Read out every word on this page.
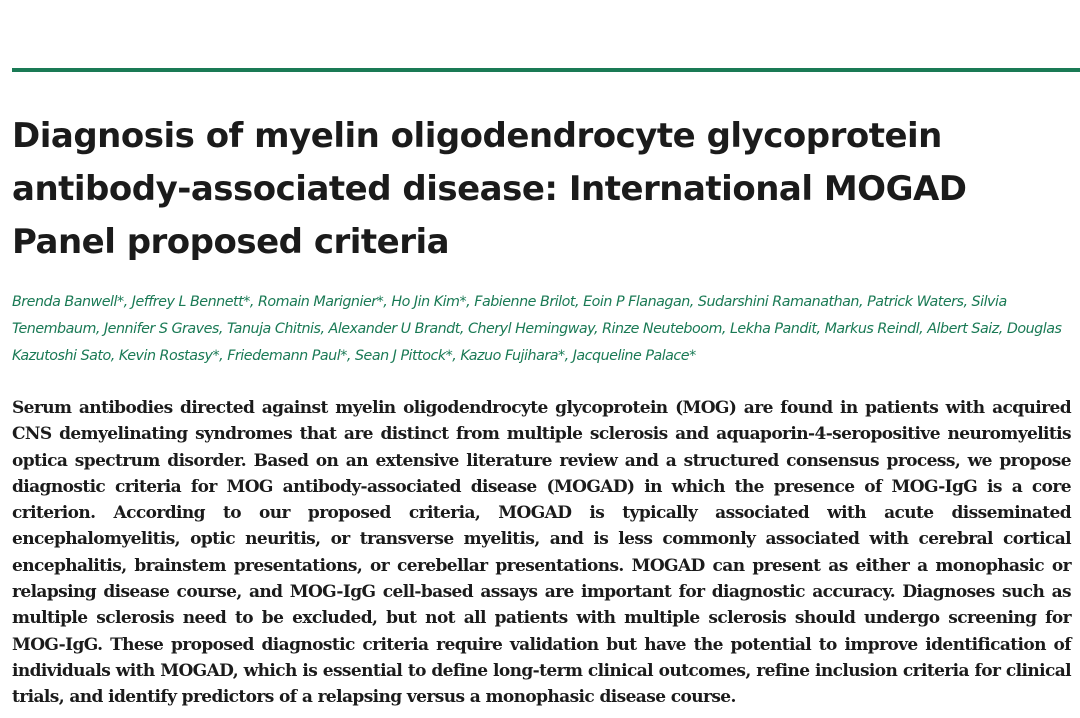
Diagnosis of myelin oligodendrocyte glycoprotein antibody-associated disease: International MOGAD Panel proposed criteria

Brenda Banwell*, Jeffrey L Bennett*, Romain Marignier*, Ho Jin Kim*, Fabienne Brilot, Eoin P Flanagan, Sudarshini Ramanathan, Patrick Waters, Silvia Tenembaum, Jennifer S Graves, Tanuja Chitnis, Alexander U Brandt, Cheryl Hemingway, Rinze Neuteboom, Lekha Pandit, Markus Reindl, Albert Saiz, Douglas Kazutoshi Sato, Kevin Rostasy*, Friedemann Paul*, Sean J Pittock*, Kazuo Fujihara*, Jacqueline Palace*

Serum antibodies directed against myelin oligodendrocyte glycoprotein (MOG) are found in patients with acquired CNS demyelinating syndromes that are distinct from multiple sclerosis and aquaporin-4-seropositive neuromyelitis optica spectrum disorder. Based on an extensive literature review and a structured consensus process, we propose diagnostic criteria for MOG antibody-associated disease (MOGAD) in which the presence of MOG-IgG is a core criterion. According to our proposed criteria, MOGAD is typically associated with acute disseminated encephalomyelitis, optic neuritis, or transverse myelitis, and is less commonly associated with cerebral cortical encephalitis, brainstem presentations, or cerebellar presentations. MOGAD can present as either a monophasic or relapsing disease course, and MOG-IgG cell-based assays are important for diagnostic accuracy. Diagnoses such as multiple sclerosis need to be excluded, but not all patients with multiple sclerosis should undergo screening for MOG-IgG. These proposed diagnostic criteria require validation but have the potential to improve identification of individuals with MOGAD, which is essential to define long-term clinical outcomes, refine inclusion criteria for clinical trials, and identify predictors of a relapsing versus a monophasic disease course.
